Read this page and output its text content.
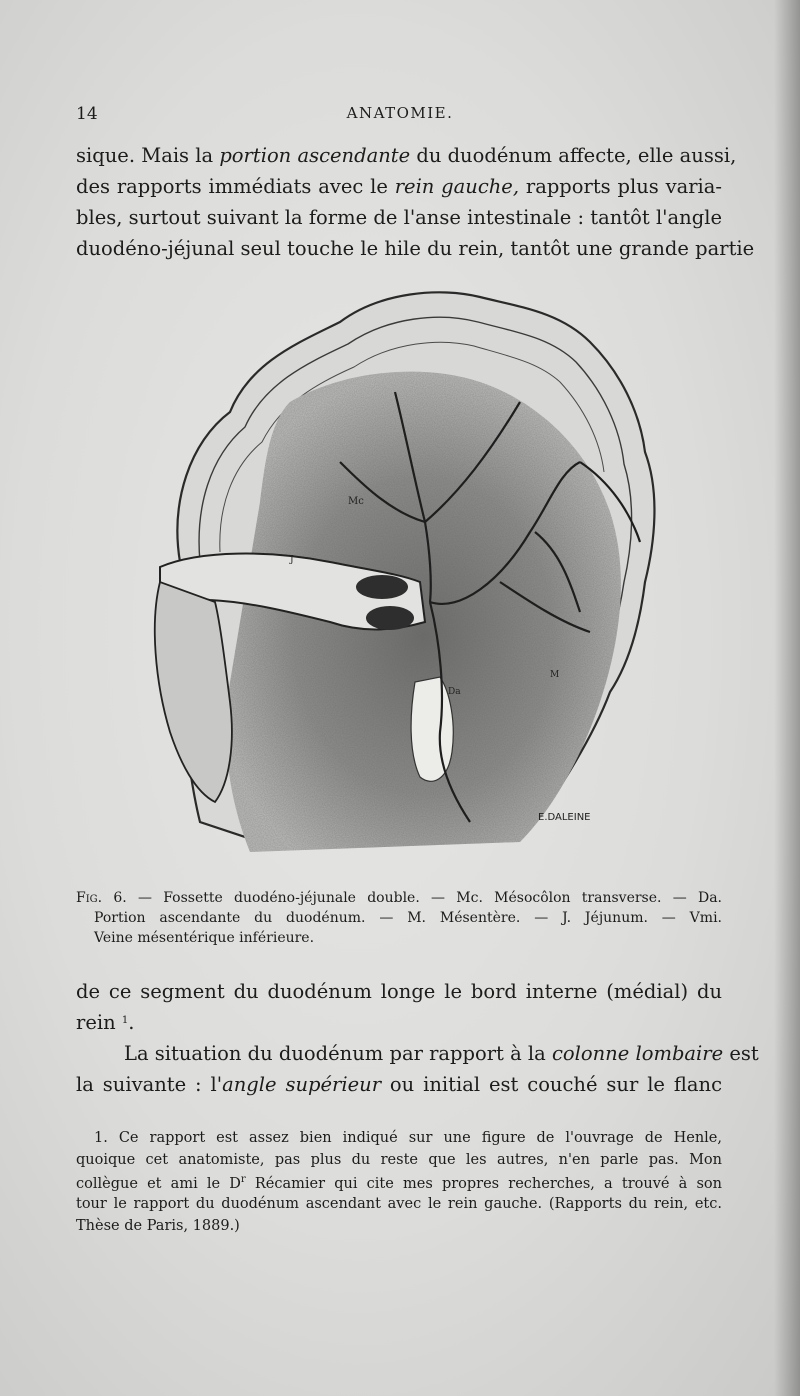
14	ANATOMIE.
sique. Mais la portion ascendante du duodénum affecte, elle aussi,
des rapports immédiats avec le rein gauche, rapports plus varia-
bles, surtout suivant la forme de l'anse intestinale : tantôt l'angle
duodéno-jéjunal seul touche le hile du rein, tantôt une grande partie
Mc
Da
M
J
E.DALEINE
Fig. 6. — Fossette duodéno-jéjunale double. — Mc. Mésocôlon transverse. — Da.
Portion ascendante du duodénum. — M. Mésentère. — J. Jéjunum. — Vmi.
Veine mésentérique inférieure.
de ce segment du duodénum longe le bord interne (médial) du
rein $^1$.
La situation du duodénum par rapport à la colonne lombaire est
la suivante : l'angle supérieur ou initial est couché sur le flanc
1. Ce rapport est assez bien indiqué sur une figure de l'ouvrage de Henle,
quoique cet anatomiste, pas plus du reste que les autres, n'en parle pas. Mon
collègue et ami le $D^r$ Récamier qui cite mes propres recherches, a trouvé à son
tour le rapport du duodénum ascendant avec le rein gauche. (Rapports du rein, etc.
Thèse de Paris, 1889.)
